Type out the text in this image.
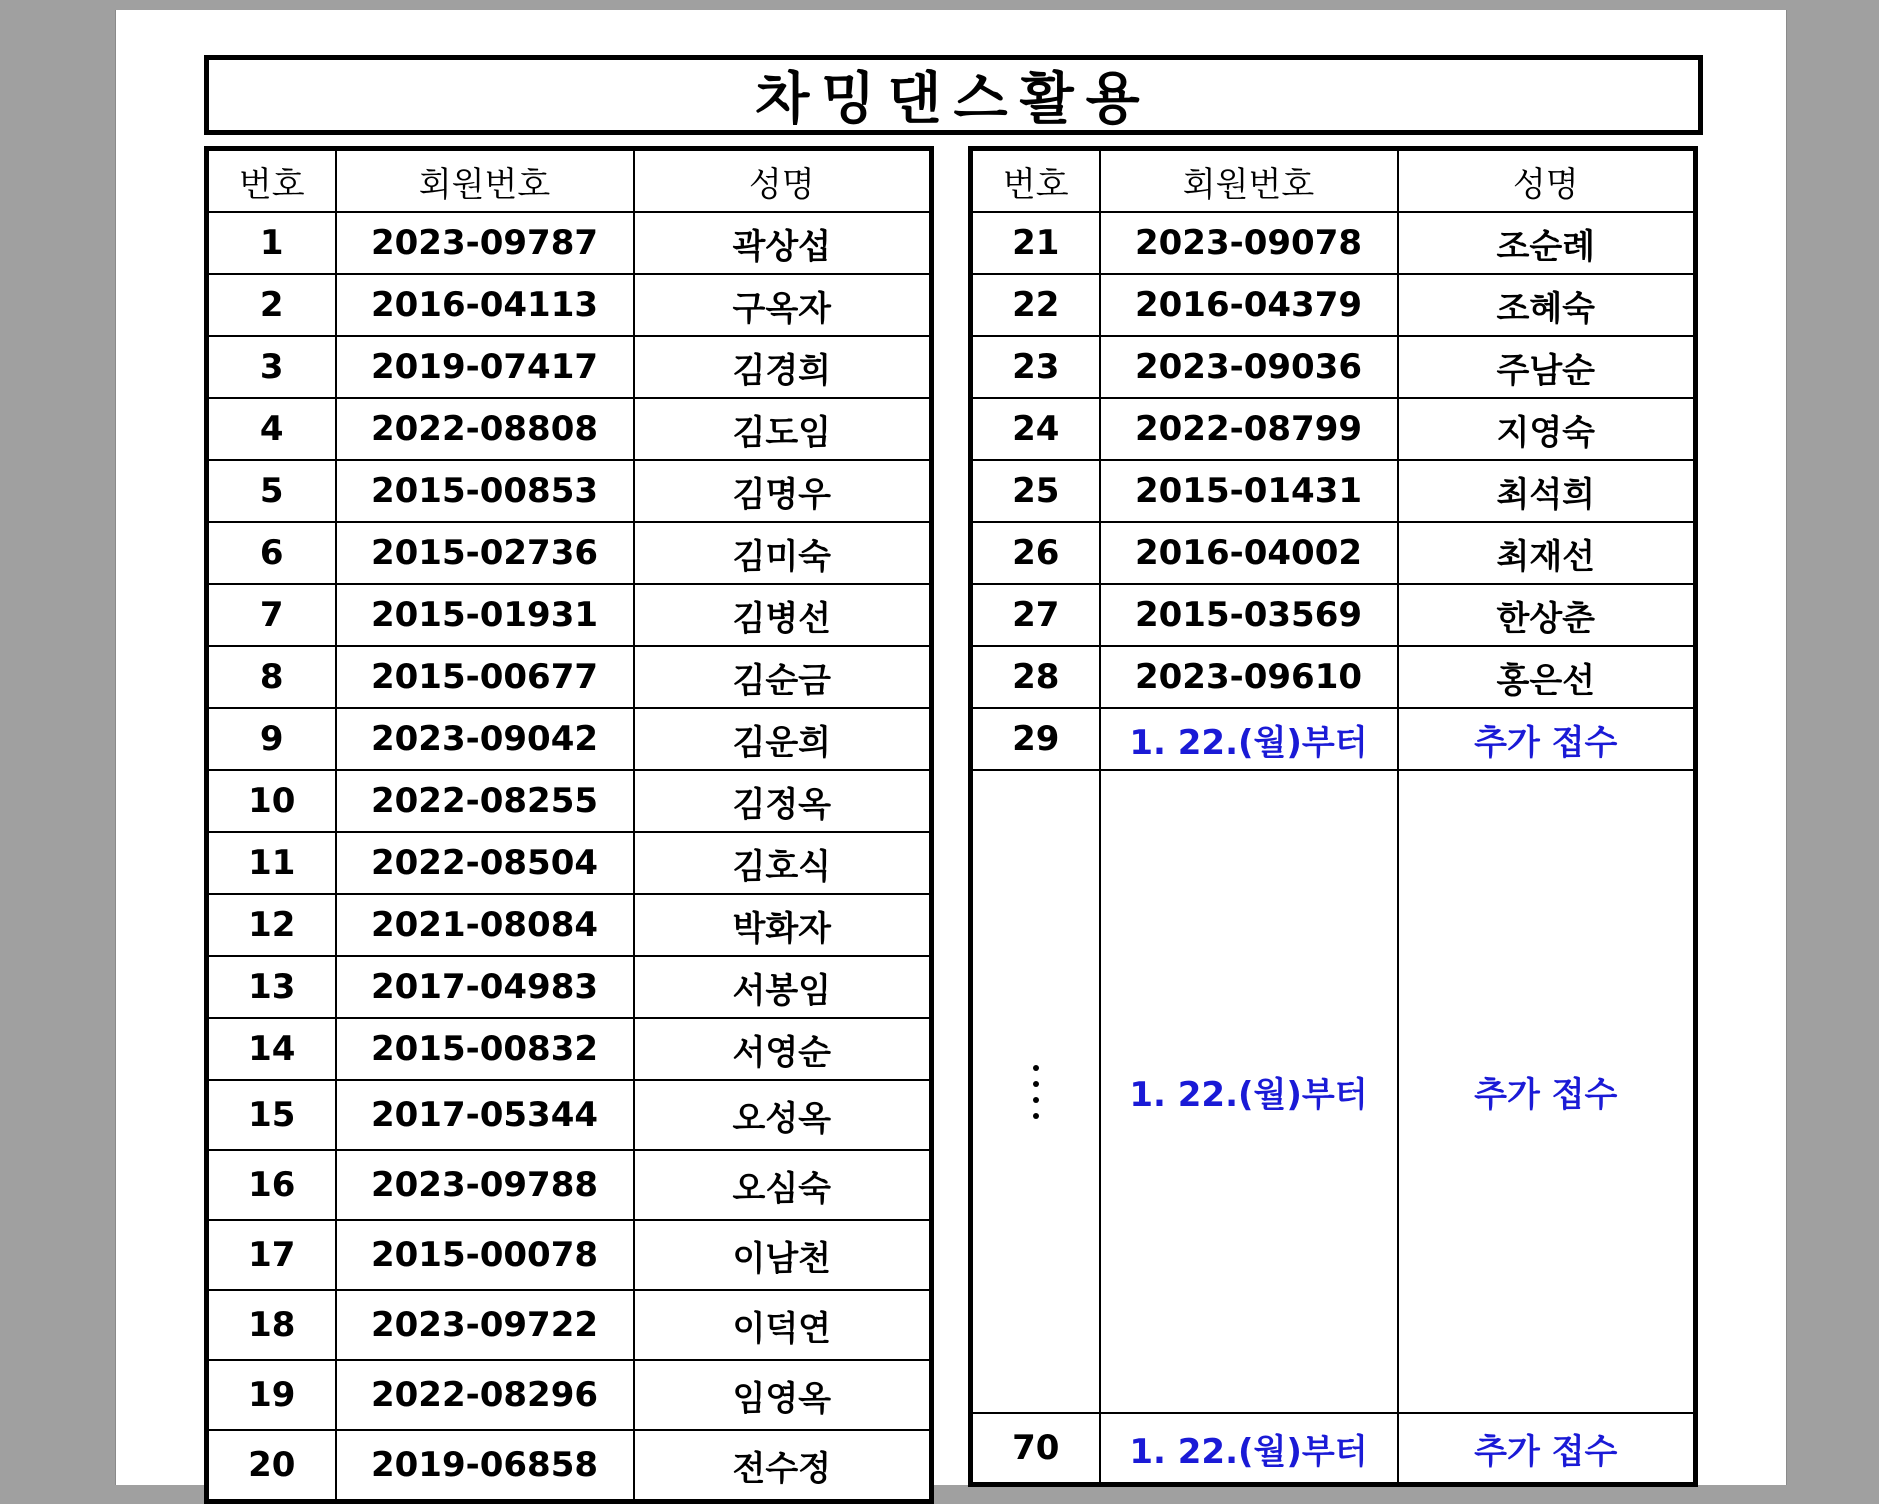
차밍댄스활용
번호	회원번호	성명
1	2023-09787	곽상섭
2	2016-04113	구옥자
3	2019-07417	김경희
4	2022-08808	김도임
5	2015-00853	김명우
6	2015-02736	김미숙
7	2015-01931	김병선
8	2015-00677	김순금
9	2023-09042	김운희
10	2022-08255	김정옥
11	2022-08504	김호식
12	2021-08084	박화자
13	2017-04983	서봉임
14	2015-00832	서영순
15	2017-05344	오성옥
16	2023-09788	오심숙
17	2015-00078	이남천
18	2023-09722	이덕연
19	2022-08296	임영옥
20	2019-06858	전수정
번호	회원번호	성명
21	2023-09078	조순례
22	2016-04379	조혜숙
23	2023-09036	주남순
24	2022-08799	지영숙
25	2015-01431	최석희
26	2016-04002	최재선
27	2015-03569	한상춘
28	2023-09610	홍은선
29	1. 22.(월)부터	추가 접수

	1. 22.(월)부터	추가 접수
70	1. 22.(월)부터	추가 접수
